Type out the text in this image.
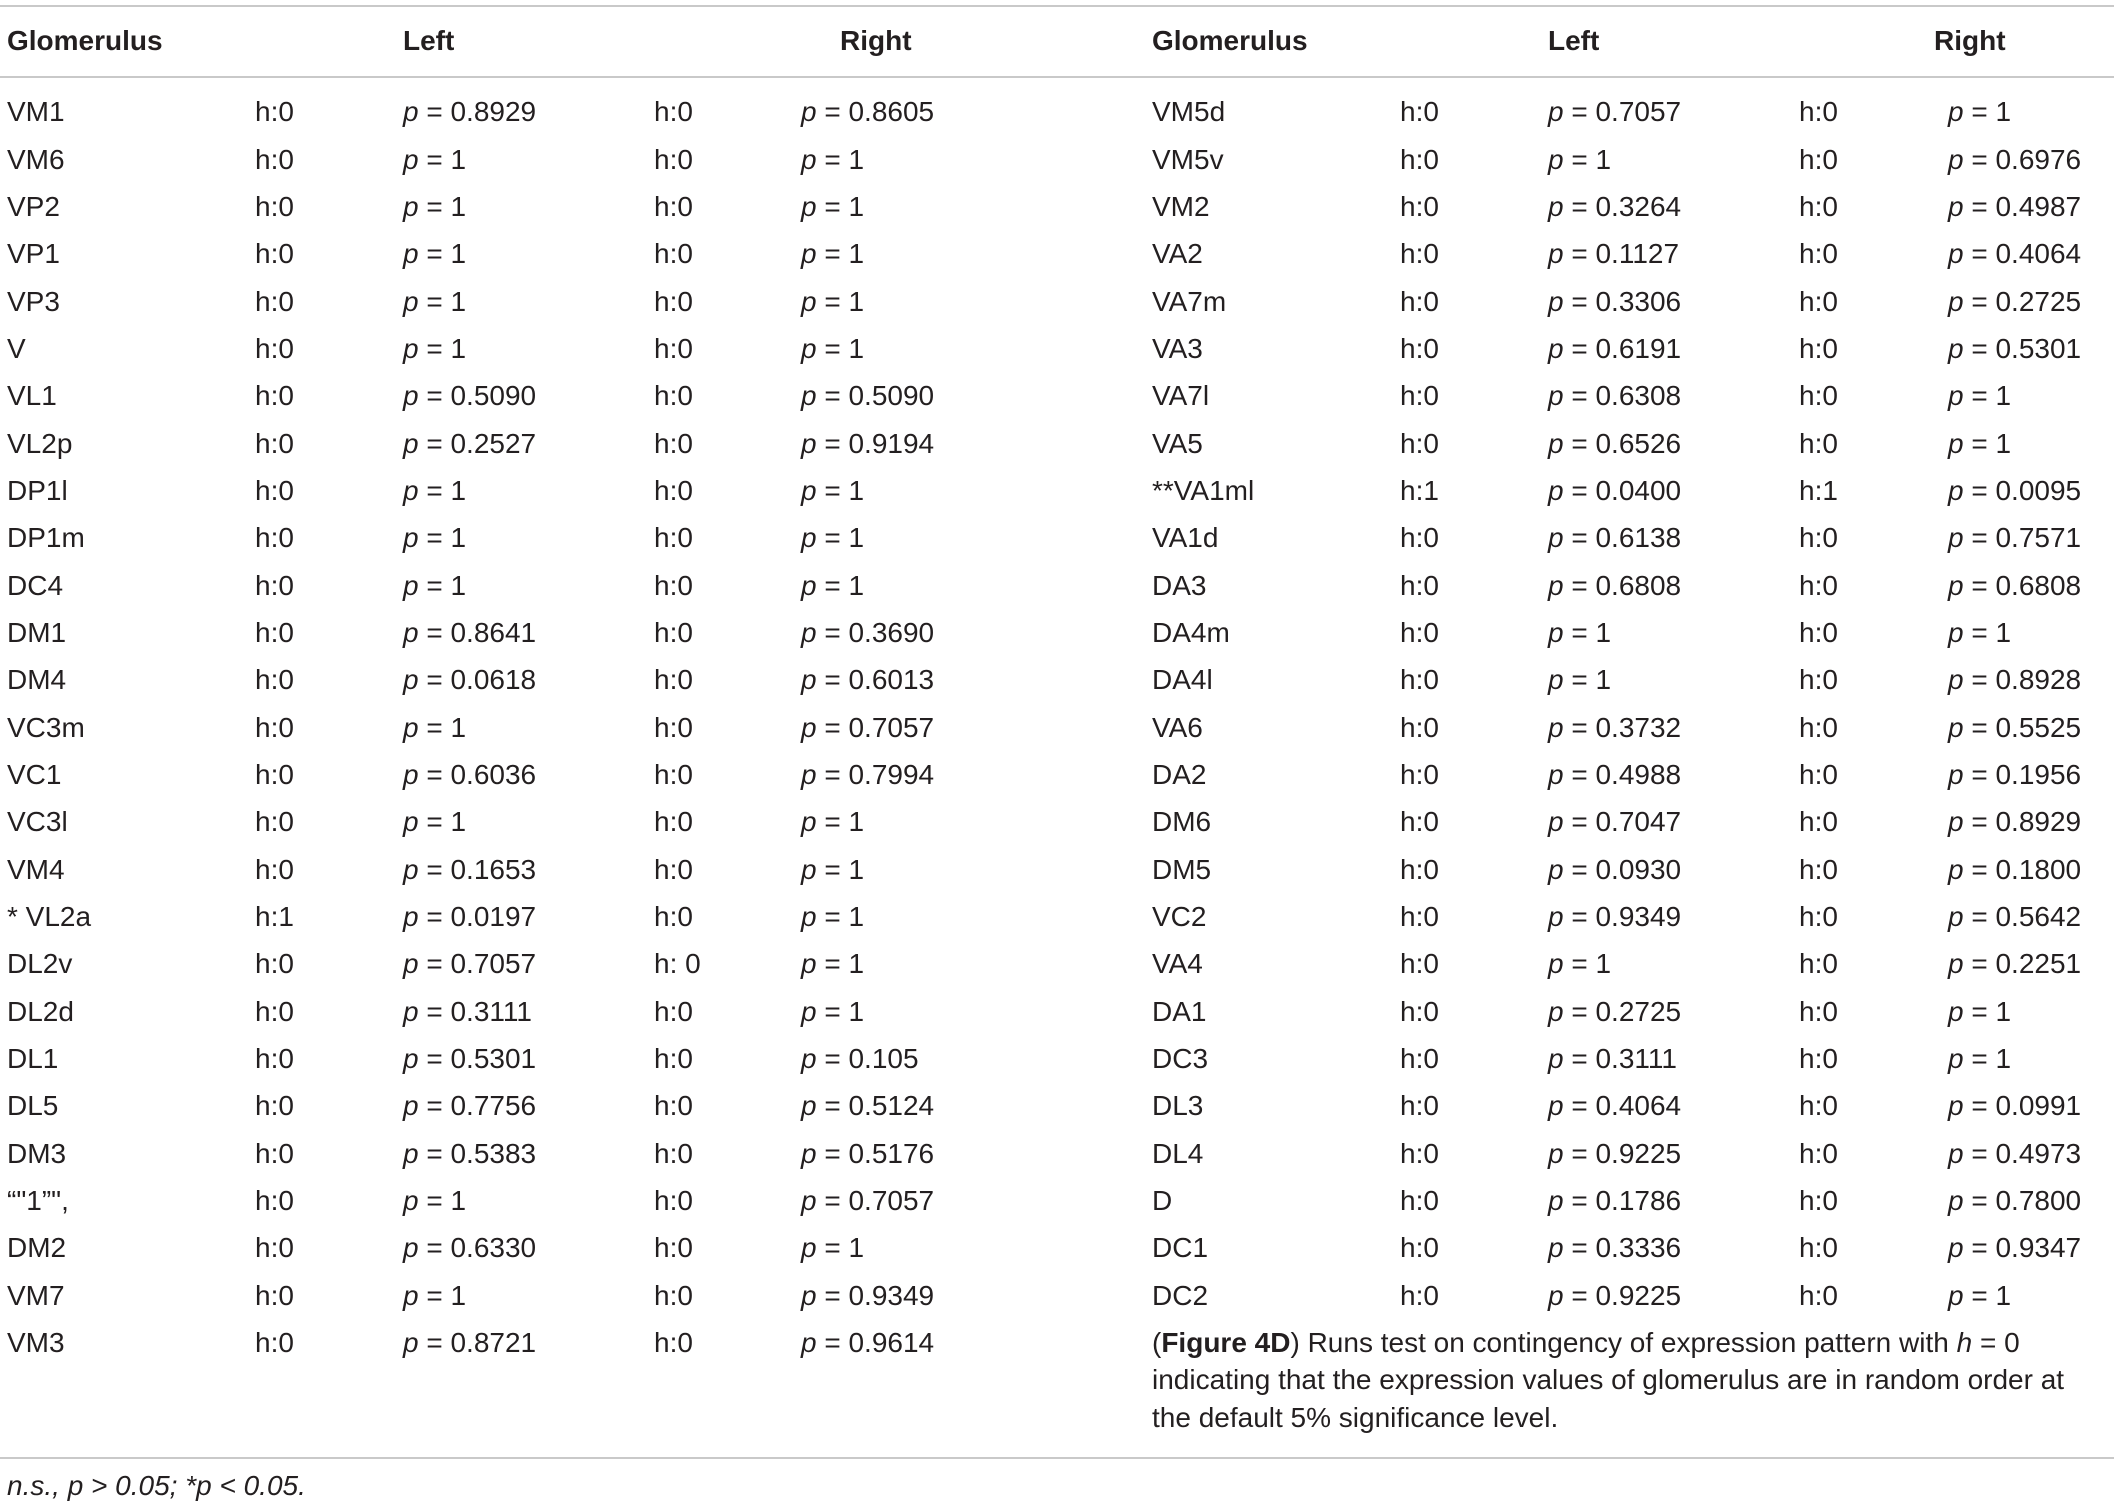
Glomerulus	Left	Right	Glomerulus	Left	Right
VM1	h:0	p = 0.8929	h:0	p = 0.8605
VM6	h:0	p = 1	h:0	p = 1
VP2	h:0	p = 1	h:0	p = 1
VP1	h:0	p = 1	h:0	p = 1
VP3	h:0	p = 1	h:0	p = 1
V	h:0	p = 1	h:0	p = 1
VL1	h:0	p = 0.5090	h:0	p = 0.5090
VL2p	h:0	p = 0.2527	h:0	p = 0.9194
DP1l	h:0	p = 1	h:0	p = 1
DP1m	h:0	p = 1	h:0	p = 1
DC4	h:0	p = 1	h:0	p = 1
DM1	h:0	p = 0.8641	h:0	p = 0.3690
DM4	h:0	p = 0.0618	h:0	p = 0.6013
VC3m	h:0	p = 1	h:0	p = 0.7057
VC1	h:0	p = 0.6036	h:0	p = 0.7994
VC3l	h:0	p = 1	h:0	p = 1
VM4	h:0	p = 0.1653	h:0	p = 1
* VL2a	h:1	p = 0.0197	h:0	p = 1
DL2v	h:0	p = 0.7057	h: 0	p = 1
DL2d	h:0	p = 0.3111	h:0	p = 1
DL1	h:0	p = 0.5301	h:0	p = 0.105
DL5	h:0	p = 0.7756	h:0	p = 0.5124
DM3	h:0	p = 0.5383	h:0	p = 0.5176
“"1”",	h:0	p = 1	h:0	p = 0.7057
DM2	h:0	p = 0.6330	h:0	p = 1
VM7	h:0	p = 1	h:0	p = 0.9349
VM3	h:0	p = 0.8721	h:0	p = 0.9614
VM5d	h:0	p = 0.7057	h:0	p = 1
VM5v	h:0	p = 1	h:0	p = 0.6976
VM2	h:0	p = 0.3264	h:0	p = 0.4987
VA2	h:0	p = 0.1127	h:0	p = 0.4064
VA7m	h:0	p = 0.3306	h:0	p = 0.2725
VA3	h:0	p = 0.6191	h:0	p = 0.5301
VA7l	h:0	p = 0.6308	h:0	p = 1
VA5	h:0	p = 0.6526	h:0	p = 1
**VA1ml	h:1	p = 0.0400	h:1	p = 0.0095
VA1d	h:0	p = 0.6138	h:0	p = 0.7571
DA3	h:0	p = 0.6808	h:0	p = 0.6808
DA4m	h:0	p = 1	h:0	p = 1
DA4l	h:0	p = 1	h:0	p = 0.8928
VA6	h:0	p = 0.3732	h:0	p = 0.5525
DA2	h:0	p = 0.4988	h:0	p = 0.1956
DM6	h:0	p = 0.7047	h:0	p = 0.8929
DM5	h:0	p = 0.0930	h:0	p = 0.1800
VC2	h:0	p = 0.9349	h:0	p = 0.5642
VA4	h:0	p = 1	h:0	p = 0.2251
DA1	h:0	p = 0.2725	h:0	p = 1
DC3	h:0	p = 0.3111	h:0	p = 1
DL3	h:0	p = 0.4064	h:0	p = 0.0991
DL4	h:0	p = 0.9225	h:0	p = 0.4973
D	h:0	p = 0.1786	h:0	p = 0.7800
DC1	h:0	p = 0.3336	h:0	p = 0.9347
DC2	h:0	p = 0.9225	h:0	p = 1
(Figure 4D) Runs test on contingency of expression pattern with h = 0 indicating that the expression values of glomerulus are in random order at the default 5% significance level.
n.s., p > 0.05; *p < 0.05.
